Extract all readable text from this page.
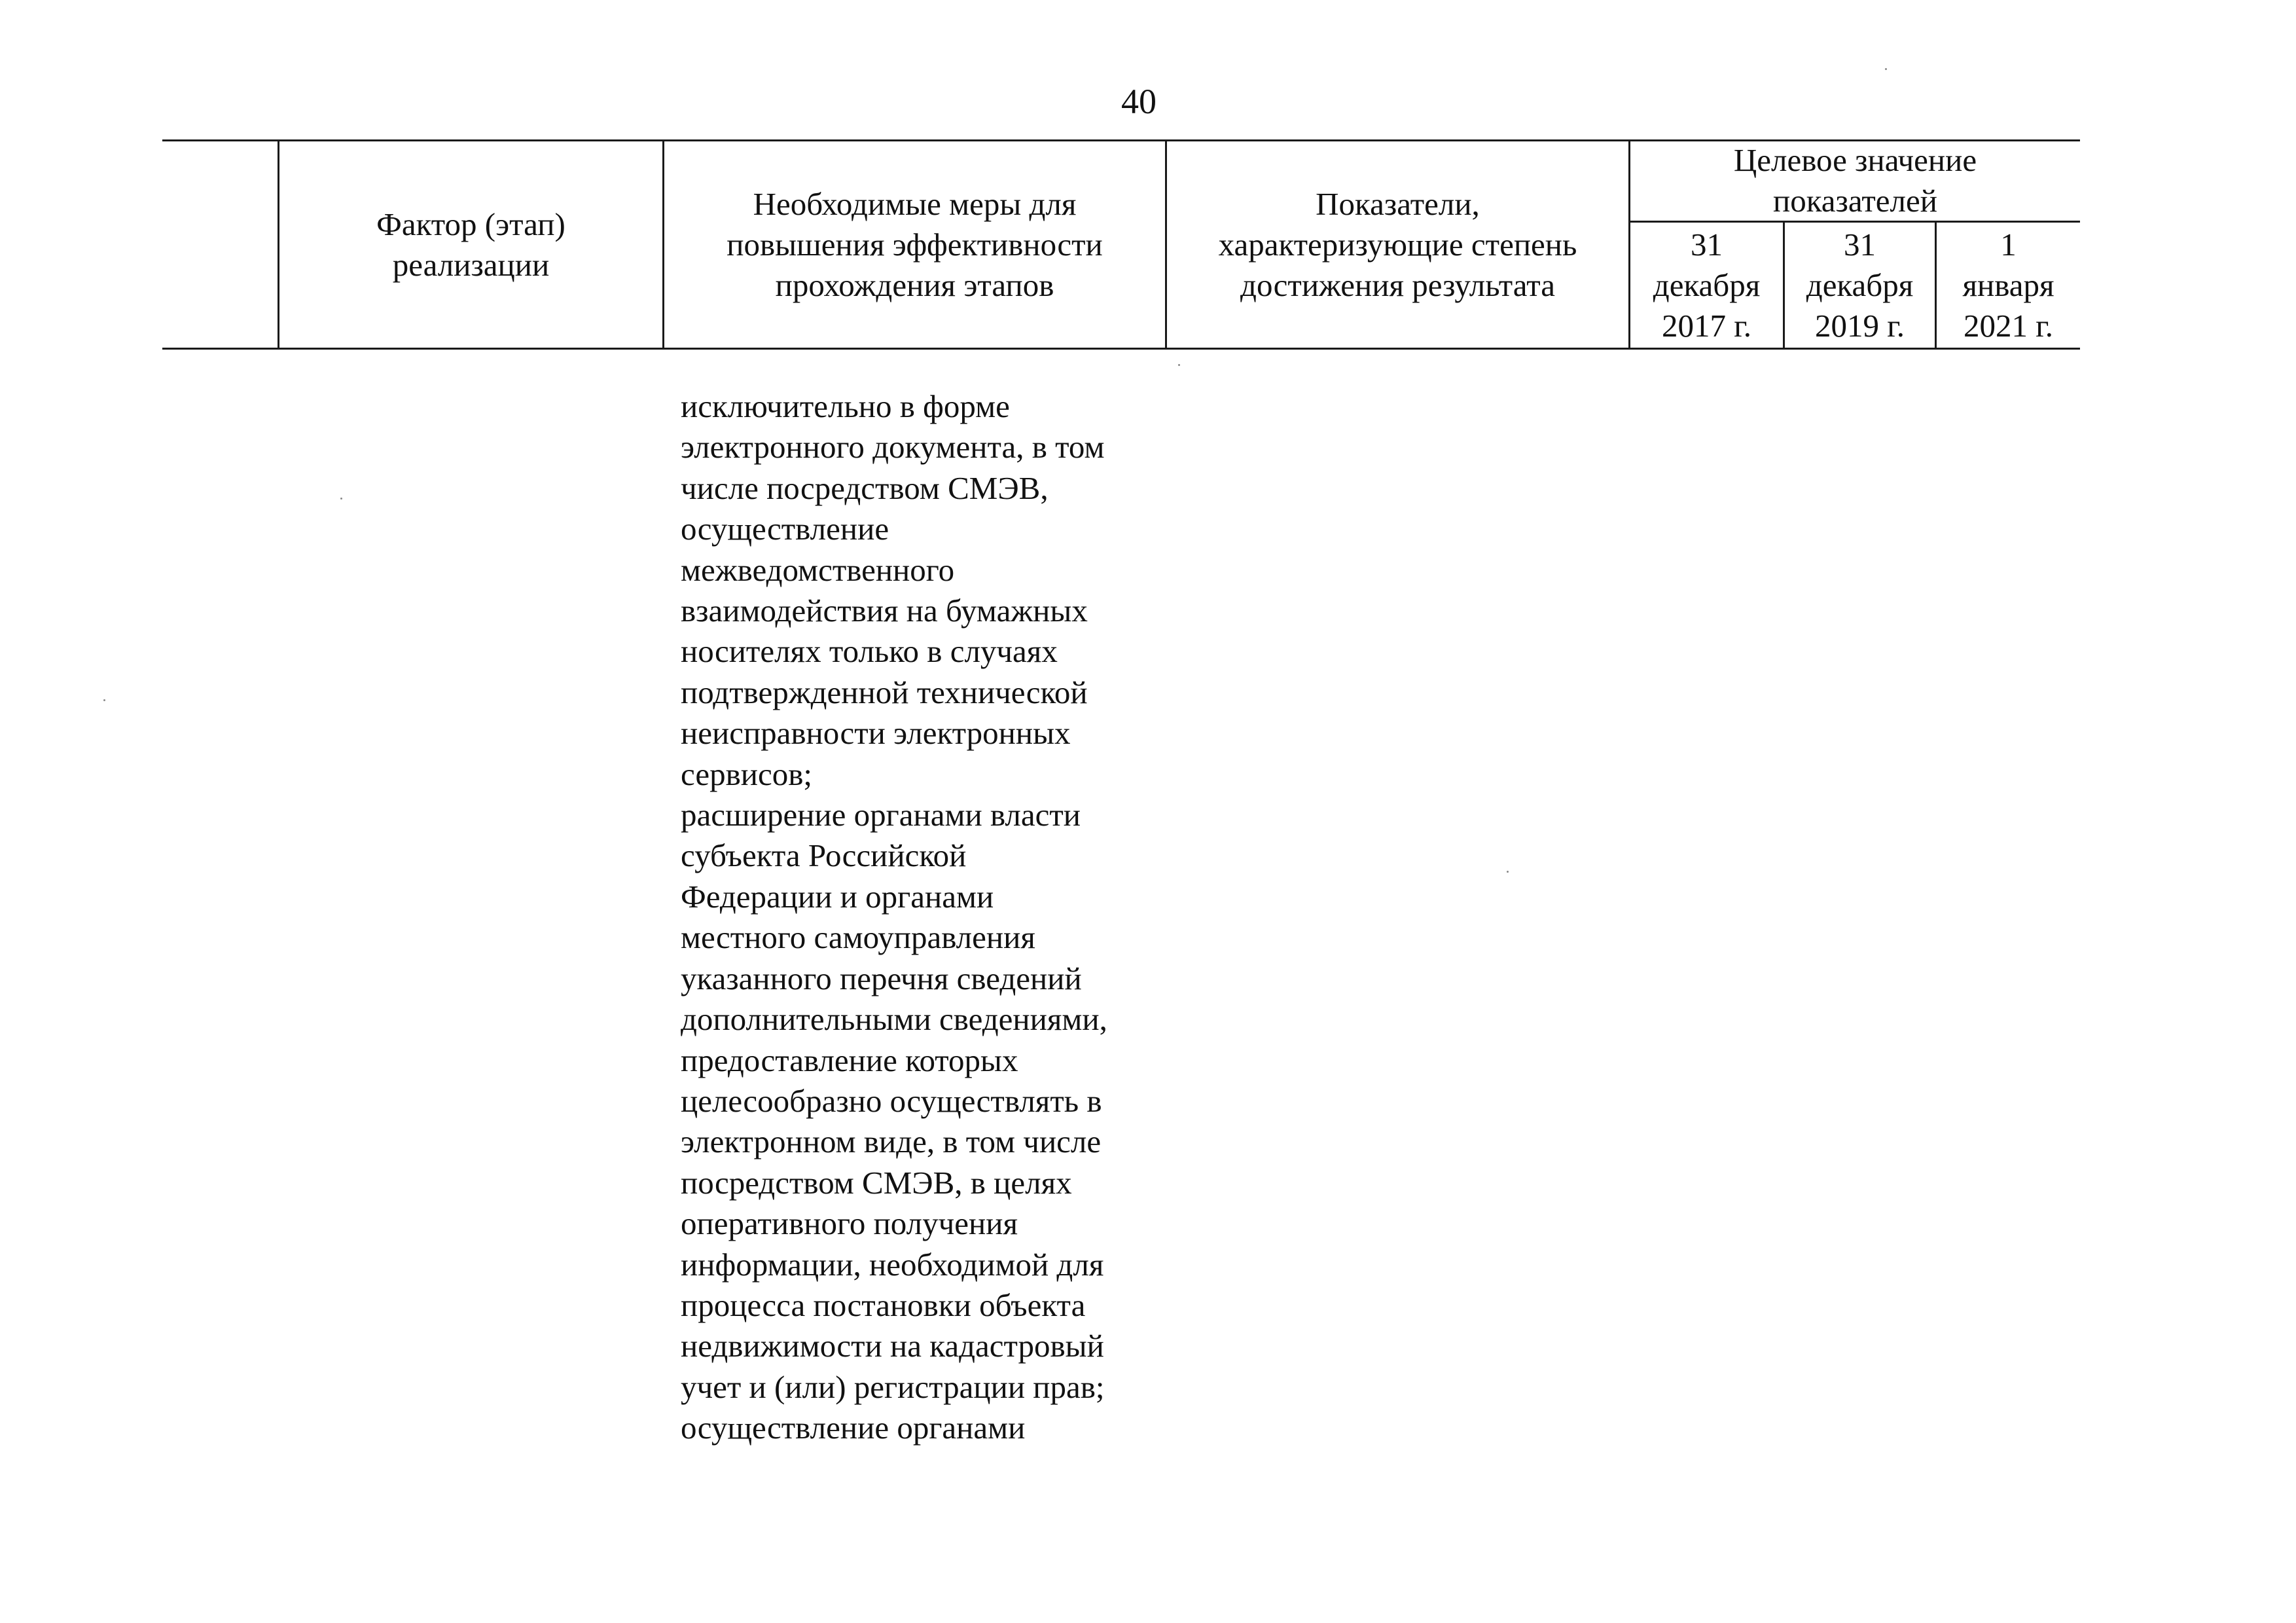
40
Фактор (этап)
реализации
Необходимые меры для
повышения эффективности
прохождения этапов
Показатели,
характеризующие степень
достижения результата
Целевое значение
показателей
31
декабря
2017 г.
31
декабря
2019 г.
1
января
2021 г.
исключительно в форме
электронного документа, в том
числе посредством СМЭВ,
осуществление
межведомственного
взаимодействия на бумажных
носителях только в случаях
подтвержденной технической
неисправности электронных
сервисов;
расширение органами власти
субъекта Российской
Федерации и органами
местного самоуправления
указанного перечня сведений
дополнительными сведениями,
предоставление которых
целесообразно осуществлять в
электронном виде, в том числе
посредством СМЭВ, в целях
оперативного получения
информации, необходимой для
процесса постановки объекта
недвижимости на кадастровый
учет и (или) регистрации прав;
осуществление органами
